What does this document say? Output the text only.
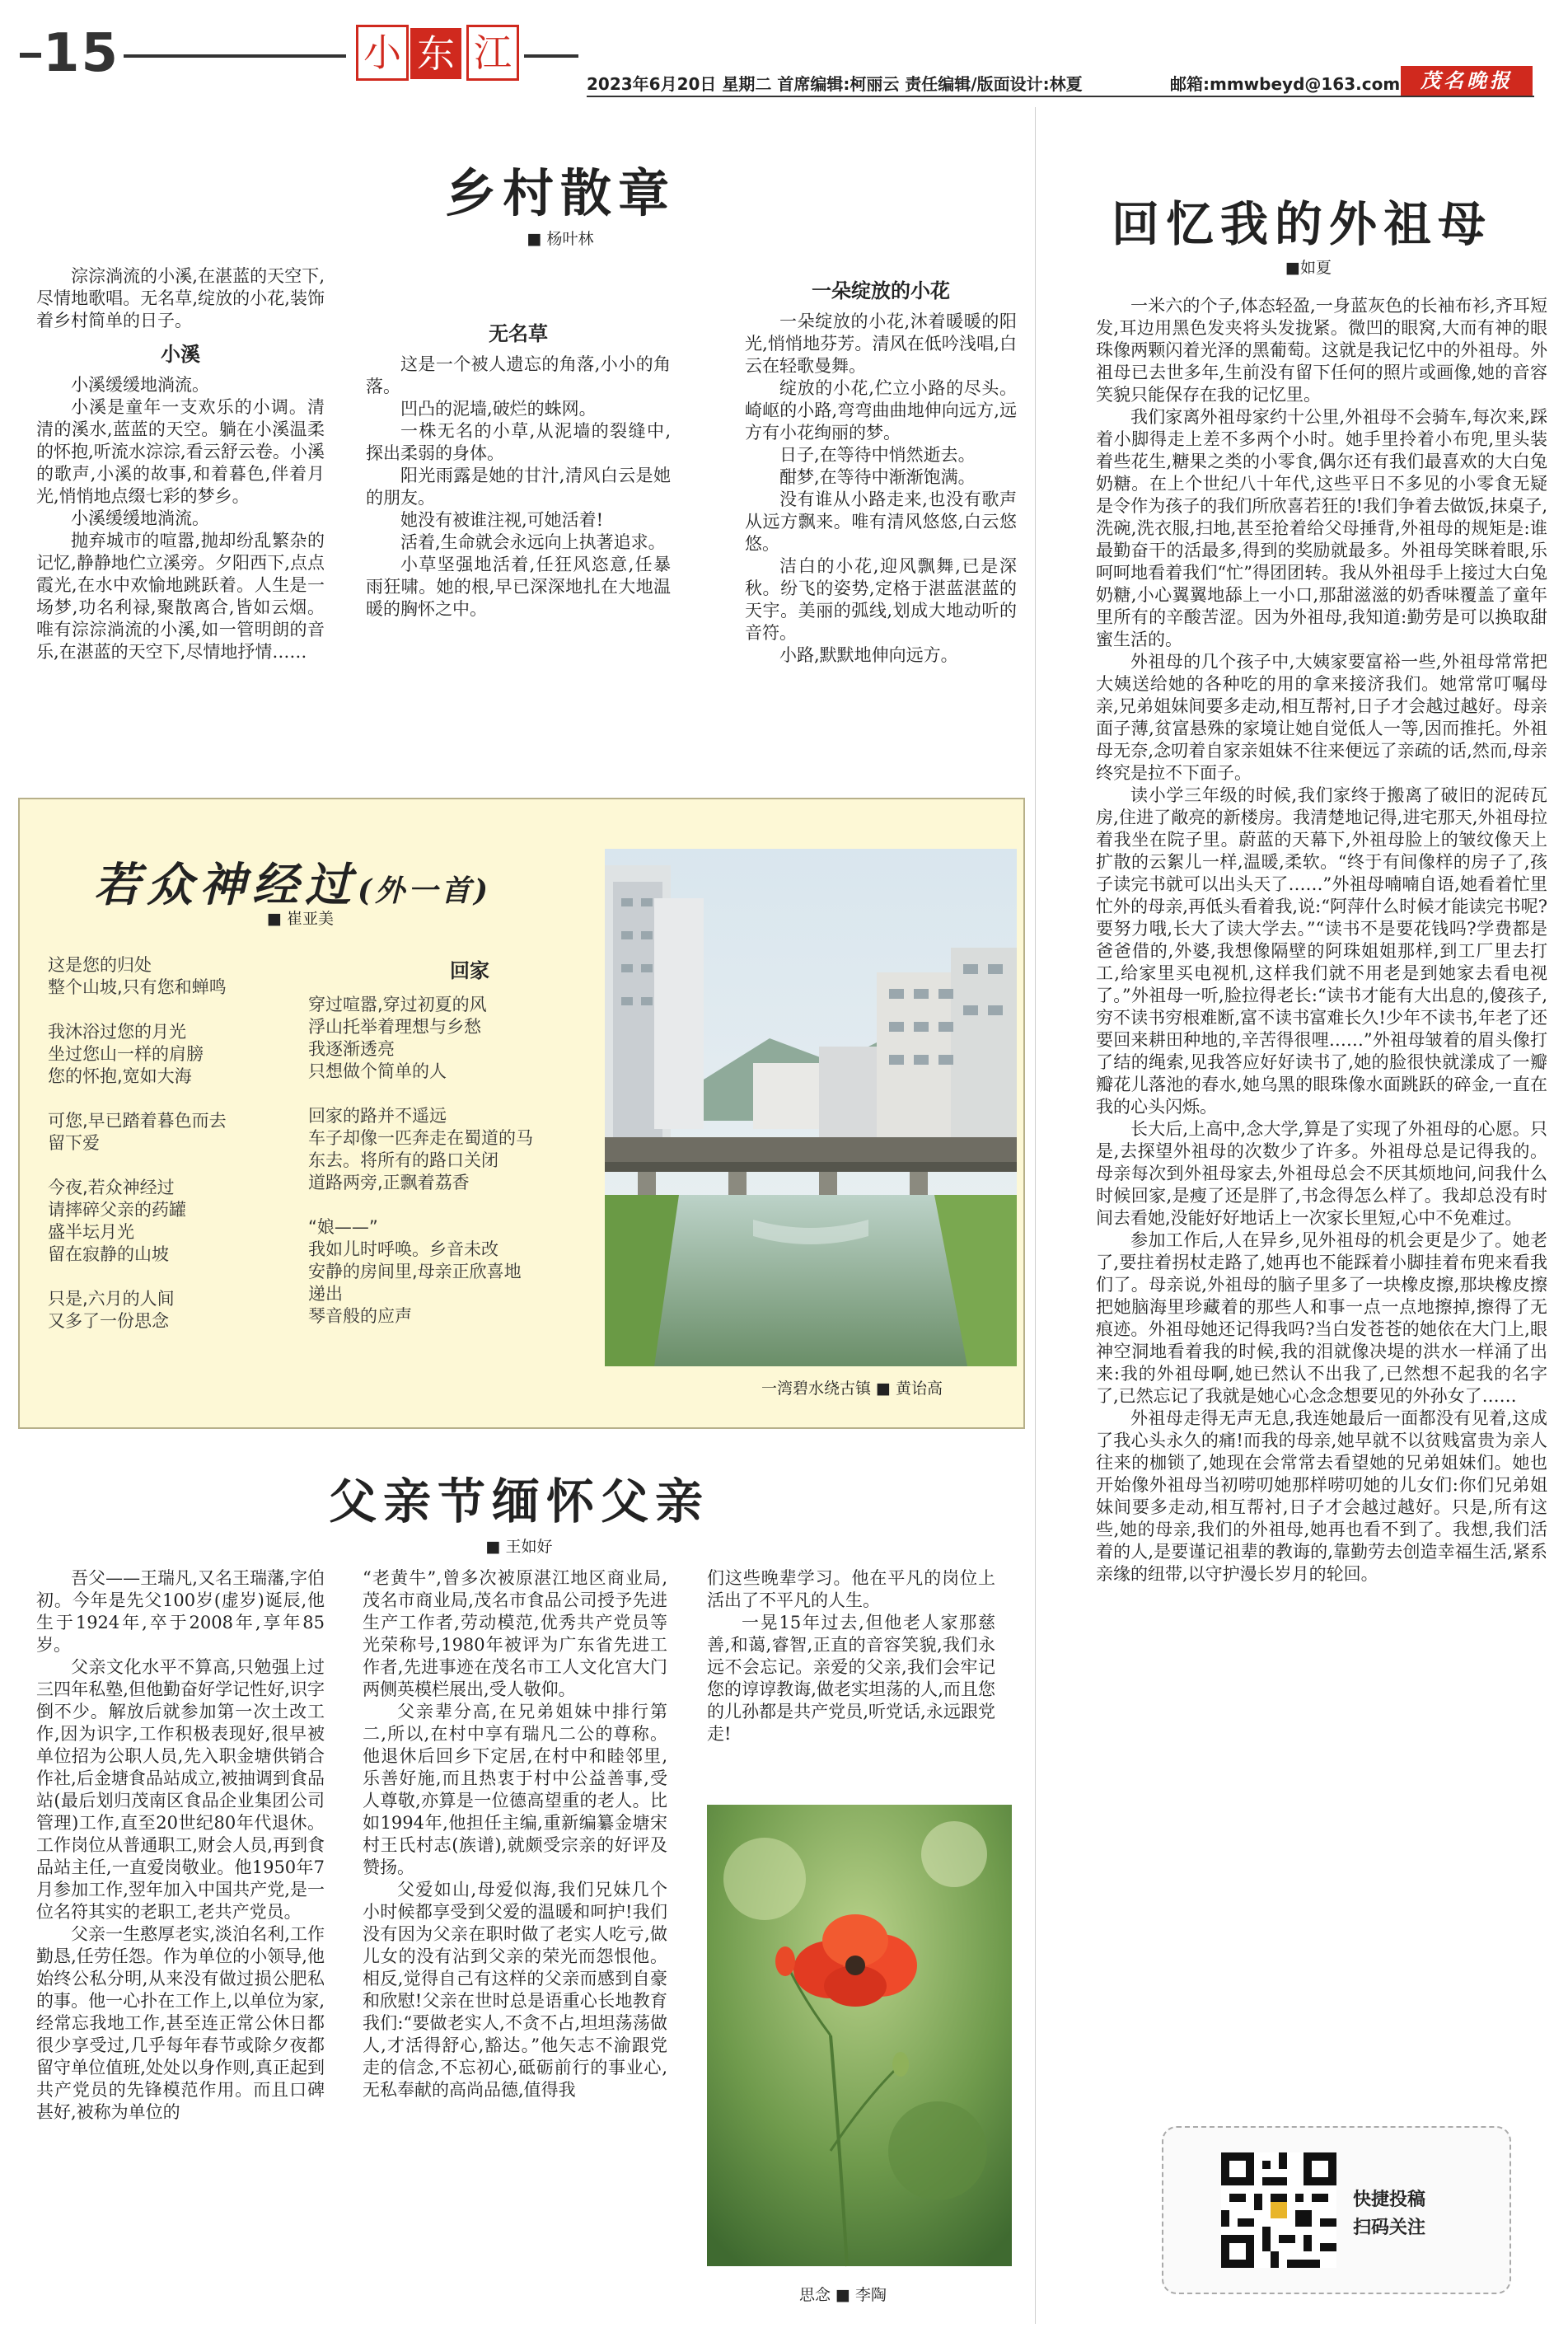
15	小 东 江
2023年6月20日 星期二 首席编辑:柯丽云 责任编辑/版面设计:林夏	邮箱:mmwbeyd@163.com	茂名晚报
乡村散章
■ 杨叶林

淙淙淌流的小溪,在湛蓝的天空下,尽情地歌唱。无名草,绽放的小花,装饰着乡村简单的日子。

小溪

小溪缓缓地淌流。

小溪是童年一支欢乐的小调。清清的溪水,蓝蓝的天空。躺在小溪温柔的怀抱,听流水淙淙,看云舒云卷。小溪的歌声,小溪的故事,和着暮色,伴着月光,悄悄地点缀七彩的梦乡。

小溪缓缓地淌流。

抛弃城市的喧嚣,抛却纷乱繁杂的记忆,静静地伫立溪旁。夕阳西下,点点霞光,在水中欢愉地跳跃着。人生是一场梦,功名利禄,聚散离合,皆如云烟。唯有淙淙淌流的小溪,如一管明朗的音乐,在湛蓝的天空下,尽情地抒情……

无名草

这是一个被人遗忘的角落,小小的角落。

凹凸的泥墙,破烂的蛛网。

一株无名的小草,从泥墙的裂缝中,探出柔弱的身体。

阳光雨露是她的甘汁,清风白云是她的朋友。

她没有被谁注视,可她活着!

活着,生命就会永远向上执著追求。

小草坚强地活着,任狂风恣意,任暴雨狂啸。她的根,早已深深地扎在大地温暖的胸怀之中。

一朵绽放的小花

一朵绽放的小花,沐着暖暖的阳光,悄悄地芬芳。清风在低吟浅唱,白云在轻歌曼舞。

绽放的小花,伫立小路的尽头。崎岖的小路,弯弯曲曲地伸向远方,远方有小花绚丽的梦。

日子,在等待中悄然逝去。

酣梦,在等待中渐渐饱满。

没有谁从小路走来,也没有歌声从远方飘来。唯有清风悠悠,白云悠悠。

洁白的小花,迎风飘舞,已是深秋。纷飞的姿势,定格于湛蓝湛蓝的天宇。美丽的弧线,划成大地动听的音符。

小路,默默地伸向远方。

若众神经过(外一首)
■ 崔亚美

这是您的归处

整个山坡,只有您和蝉鸣

我沐浴过您的月光

坐过您山一样的肩膀

您的怀抱,宽如大海

可您,早已踏着暮色而去

留下爱

今夜,若众神经过

请摔碎父亲的药罐

盛半坛月光

留在寂静的山坡

只是,六月的人间

又多了一份思念

回家

穿过喧嚣,穿过初夏的风

浮山托举着理想与乡愁

我逐渐透亮

只想做个简单的人

回家的路并不遥远

车子却像一匹奔走在蜀道的马

东去。将所有的路口关闭

道路两旁,正飘着荔香

“娘——”

我如儿时呼唤。乡音未改

安静的房间里,母亲正欣喜地

递出

琴音般的应声

一湾碧水绕古镇 ■ 黄诒高
父亲节缅怀父亲
■ 王如好

吾父——王瑞凡,又名王瑞藩,字伯初。今年是先父100岁(虚岁)诞辰,他生于1924年,卒于2008年,享年85岁。

父亲文化水平不算高,只勉强上过三四年私塾,但他勤奋好学记性好,识字倒不少。解放后就参加第一次土改工作,因为识字,工作积极表现好,很早被单位招为公职人员,先入职金塘供销合作社,后金塘食品站成立,被抽调到食品站(最后划归茂南区食品企业集团公司管理)工作,直至20世纪80年代退休。工作岗位从普通职工,财会人员,再到食品站主任,一直爱岗敬业。他1950年7月参加工作,翌年加入中国共产党,是一位名符其实的老职工,老共产党员。

父亲一生憨厚老实,淡泊名利,工作勤恳,任劳任怨。作为单位的小领导,他始终公私分明,从来没有做过损公肥私的事。他一心扑在工作上,以单位为家,经常忘我地工作,甚至连正常公休日都很少享受过,几乎每年春节或除夕夜都留守单位值班,处处以身作则,真正起到共产党员的先锋模范作用。而且口碑甚好,被称为单位的

“老黄牛”,曾多次被原湛江地区商业局,茂名市商业局,茂名市食品公司授予先进生产工作者,劳动模范,优秀共产党员等光荣称号,1980年被评为广东省先进工作者,先进事迹在茂名市工人文化宫大门两侧英模栏展出,受人敬仰。

父亲辈分高,在兄弟姐妹中排行第二,所以,在村中享有瑞凡二公的尊称。他退休后回乡下定居,在村中和睦邻里,乐善好施,而且热衷于村中公益善事,受人尊敬,亦算是一位德高望重的老人。比如1994年,他担任主编,重新编纂金塘宋村王氏村志(族谱),就颇受宗亲的好评及赞扬。

父爱如山,母爱似海,我们兄妹几个小时候都享受到父爱的温暖和呵护!我们没有因为父亲在职时做了老实人吃亏,做儿女的没有沾到父亲的荣光而怨恨他。相反,觉得自己有这样的父亲而感到自豪和欣慰!父亲在世时总是语重心长地教育我们:“要做老实人,不贪不占,坦坦荡荡做人,才活得舒心,豁达。”他矢志不渝跟党走的信念,不忘初心,砥砺前行的事业心,无私奉献的高尚品德,值得我

们这些晚辈学习。他在平凡的岗位上活出了不平凡的人生。

一晃15年过去,但他老人家那慈善,和蔼,睿智,正直的音容笑貌,我们永远不会忘记。亲爱的父亲,我们会牢记您的谆谆教诲,做老实坦荡的人,而且您的儿孙都是共产党员,听党话,永远跟党走!

思念 ■ 李陶
回忆我的外祖母
■如夏

一米六的个子,体态轻盈,一身蓝灰色的长袖布衫,齐耳短发,耳边用黑色发夹将头发拢紧。微凹的眼窝,大而有神的眼珠像两颗闪着光泽的黑葡萄。这就是我记忆中的外祖母。外祖母已去世多年,生前没有留下任何的照片或画像,她的音容笑貌只能保存在我的记忆里。

我们家离外祖母家约十公里,外祖母不会骑车,每次来,踩着小脚得走上差不多两个小时。她手里拎着小布兜,里头装着些花生,糖果之类的小零食,偶尔还有我们最喜欢的大白兔奶糖。在上个世纪八十年代,这些平日不多见的小零食无疑是令作为孩子的我们所欣喜若狂的!我们争着去做饭,抹桌子,洗碗,洗衣服,扫地,甚至抢着给父母捶背,外祖母的规矩是:谁最勤奋干的活最多,得到的奖励就最多。外祖母笑眯着眼,乐呵呵地看着我们“忙”得团团转。我从外祖母手上接过大白兔奶糖,小心翼翼地舔上一小口,那甜滋滋的奶香味覆盖了童年里所有的辛酸苦涩。因为外祖母,我知道:勤劳是可以换取甜蜜生活的。

外祖母的几个孩子中,大姨家要富裕一些,外祖母常常把大姨送给她的各种吃的用的拿来接济我们。她常常叮嘱母亲,兄弟姐妹间要多走动,相互帮衬,日子才会越过越好。母亲面子薄,贫富悬殊的家境让她自觉低人一等,因而推托。外祖母无奈,念叨着自家亲姐妹不往来便远了亲疏的话,然而,母亲终究是拉不下面子。

读小学三年级的时候,我们家终于搬离了破旧的泥砖瓦房,住进了敞亮的新楼房。我清楚地记得,进宅那天,外祖母拉着我坐在院子里。蔚蓝的天幕下,外祖母脸上的皱纹像天上扩散的云絮儿一样,温暖,柔软。“终于有间像样的房子了,孩子读完书就可以出头天了……”外祖母喃喃自语,她看着忙里忙外的母亲,再低头看着我,说:“阿萍什么时候才能读完书呢?要努力哦,长大了读大学去。”“读书不是要花钱吗?学费都是爸爸借的,外婆,我想像隔壁的阿珠姐姐那样,到工厂里去打工,给家里买电视机,这样我们就不用老是到她家去看电视了。”外祖母一听,脸拉得老长:“读书才能有大出息的,傻孩子,穷不读书穷根难断,富不读书富难长久!少年不读书,年老了还要回来耕田种地的,辛苦得很哩……”外祖母皱着的眉头像打了结的绳索,见我答应好好读书了,她的脸很快就漾成了一瓣瓣花儿落池的春水,她乌黑的眼珠像水面跳跃的碎金,一直在我的心头闪烁。

长大后,上高中,念大学,算是了实现了外祖母的心愿。只是,去探望外祖母的次数少了许多。外祖母总是记得我的。母亲每次到外祖母家去,外祖母总会不厌其烦地问,问我什么时候回家,是瘦了还是胖了,书念得怎么样了。我却总没有时间去看她,没能好好地话上一次家长里短,心中不免难过。

参加工作后,人在异乡,见外祖母的机会更是少了。她老了,要拄着拐杖走路了,她再也不能踩着小脚挂着布兜来看我们了。母亲说,外祖母的脑子里多了一块橡皮擦,那块橡皮擦把她脑海里珍藏着的那些人和事一点一点地擦掉,擦得了无痕迹。外祖母她还记得我吗?当白发苍苍的她依在大门上,眼神空洞地看着我的时候,我的泪就像决堤的洪水一样涌了出来:我的外祖母啊,她已然认不出我了,已然想不起我的名字了,已然忘记了我就是她心心念念想要见的外孙女了……

外祖母走得无声无息,我连她最后一面都没有见着,这成了我心头永久的痛!而我的母亲,她早就不以贫贱富贵为亲人往来的枷锁了,她现在会常常去看望她的兄弟姐妹们。她也开始像外祖母当初唠叨她那样唠叨她的儿女们:你们兄弟姐妹间要多走动,相互帮衬,日子才会越过越好。只是,所有这些,她的母亲,我们的外祖母,她再也看不到了。我想,我们活着的人,是要谨记祖辈的教诲的,靠勤劳去创造幸福生活,紧系亲缘的纽带,以守护漫长岁月的轮回。

快捷投稿
扫码关注
